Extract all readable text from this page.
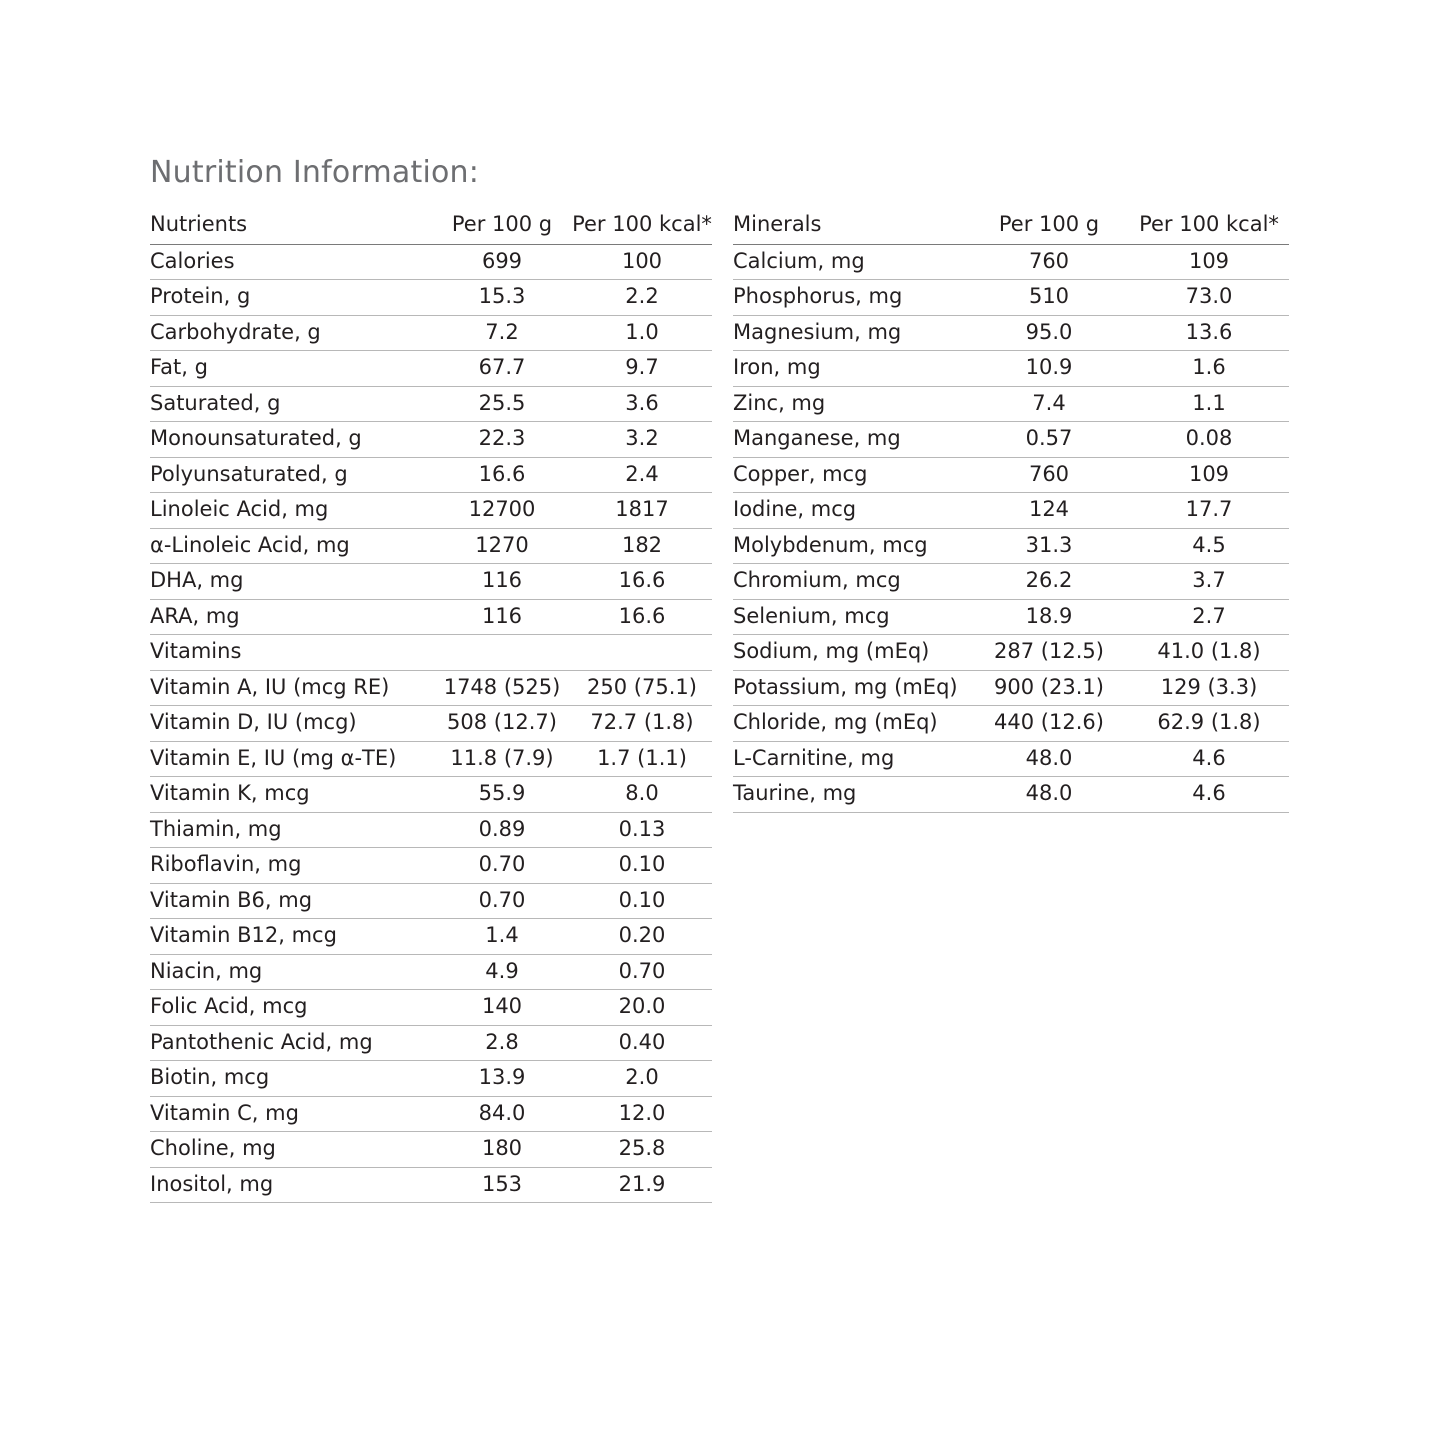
Nutrition Information:
Nutrients	Per 100 g	Per 100 kcal*
Calories	699	100
Protein, g	15.3	2.2
Carbohydrate, g	7.2	1.0
Fat, g	67.7	9.7
Saturated, g	25.5	3.6
Monounsaturated, g	22.3	3.2
Polyunsaturated, g	16.6	2.4
Linoleic Acid, mg	12700	1817
α-Linoleic Acid, mg	1270	182
DHA, mg	116	16.6
ARA, mg	116	16.6
Vitamins		
Vitamin A, IU (mcg RE)	1748 (525)	250 (75.1)
Vitamin D, IU (mcg)	508 (12.7)	72.7 (1.8)
Vitamin E, IU (mg α-TE)	11.8 (7.9)	1.7 (1.1)
Vitamin K, mcg	55.9	8.0
Thiamin, mg	0.89	0.13
Riboflavin, mg	0.70	0.10
Vitamin B6, mg	0.70	0.10
Vitamin B12, mcg	1.4	0.20
Niacin, mg	4.9	0.70
Folic Acid, mcg	140	20.0
Pantothenic Acid, mg	2.8	0.40
Biotin, mcg	13.9	2.0
Vitamin C, mg	84.0	12.0
Choline, mg	180	25.8
Inositol, mg	153	21.9
Minerals	Per 100 g	Per 100 kcal*
Calcium, mg	760	109
Phosphorus, mg	510	73.0
Magnesium, mg	95.0	13.6
Iron, mg	10.9	1.6
Zinc, mg	7.4	1.1
Manganese, mg	0.57	0.08
Copper, mcg	760	109
Iodine, mcg	124	17.7
Molybdenum, mcg	31.3	4.5
Chromium, mcg	26.2	3.7
Selenium, mcg	18.9	2.7
Sodium, mg (mEq)	287 (12.5)	41.0 (1.8)
Potassium, mg (mEq)	900 (23.1)	129 (3.3)
Chloride, mg (mEq)	440 (12.6)	62.9 (1.8)
L-Carnitine, mg	48.0	4.6
Taurine, mg	48.0	4.6
